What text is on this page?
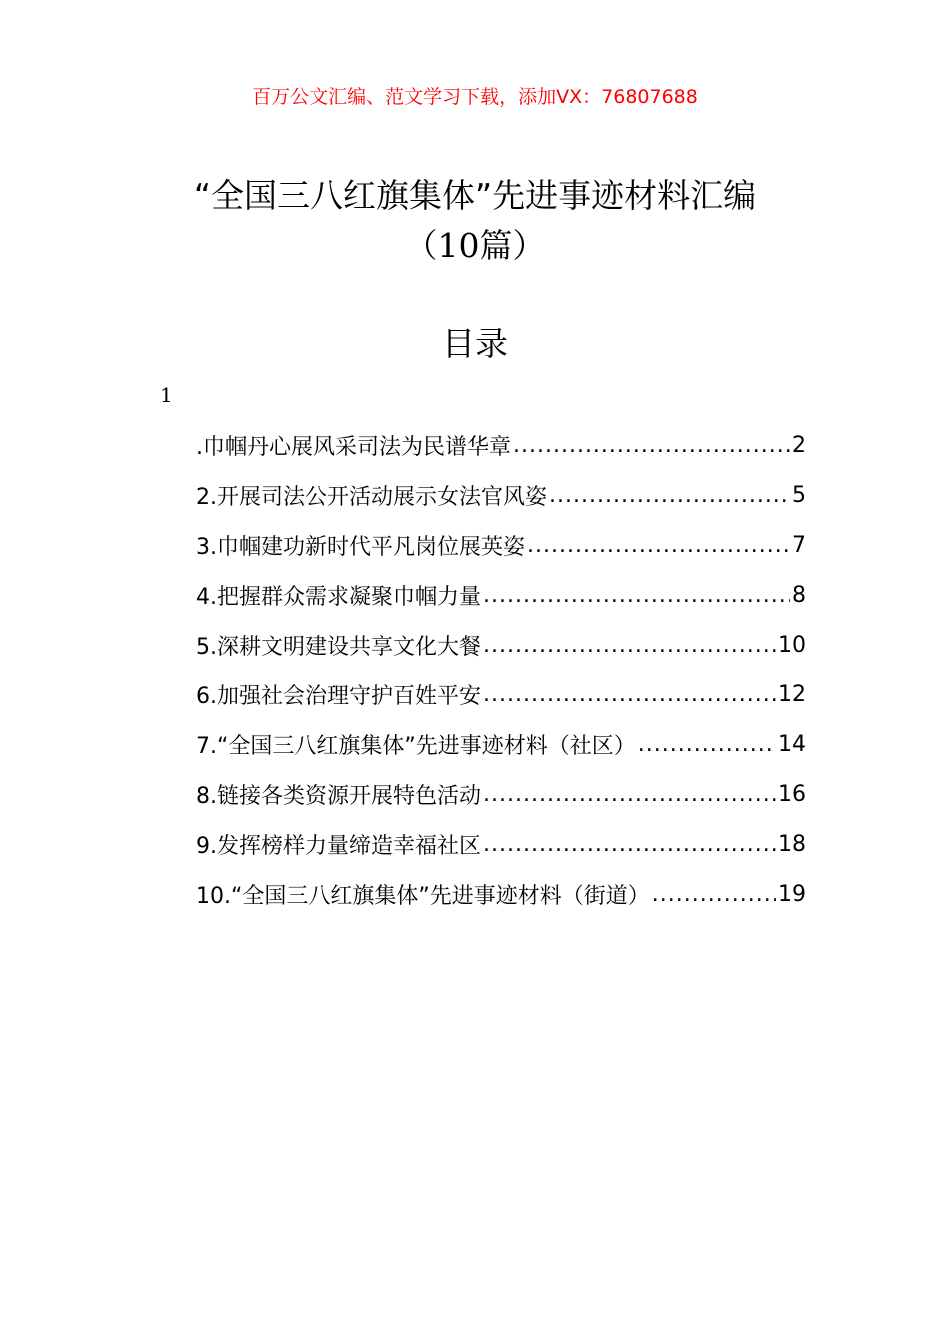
百万公文汇编、范文学习下载，添加VX：76807688
“全国三八红旗集体”先进事迹材料汇编
（10篇）
目录
1
.巾帼丹心展风采司法为民谱华章 .....	2
2.开展司法公开活动展示女法官风姿 .....	5
3.巾帼建功新时代平凡岗位展英姿 .....	7
4.把握群众需求凝聚巾帼力量 .....	8
5.深耕文明建设共享文化大餐 .....	10
6.加强社会治理守护百姓平安 .....	12
7.“全国三八红旗集体”先进事迹材料（社区） .....	14
8.链接各类资源开展特色活动 .....	16
9.发挥榜样力量缔造幸福社区 .....	18
10.“全国三八红旗集体”先进事迹材料（街道） .....	19
